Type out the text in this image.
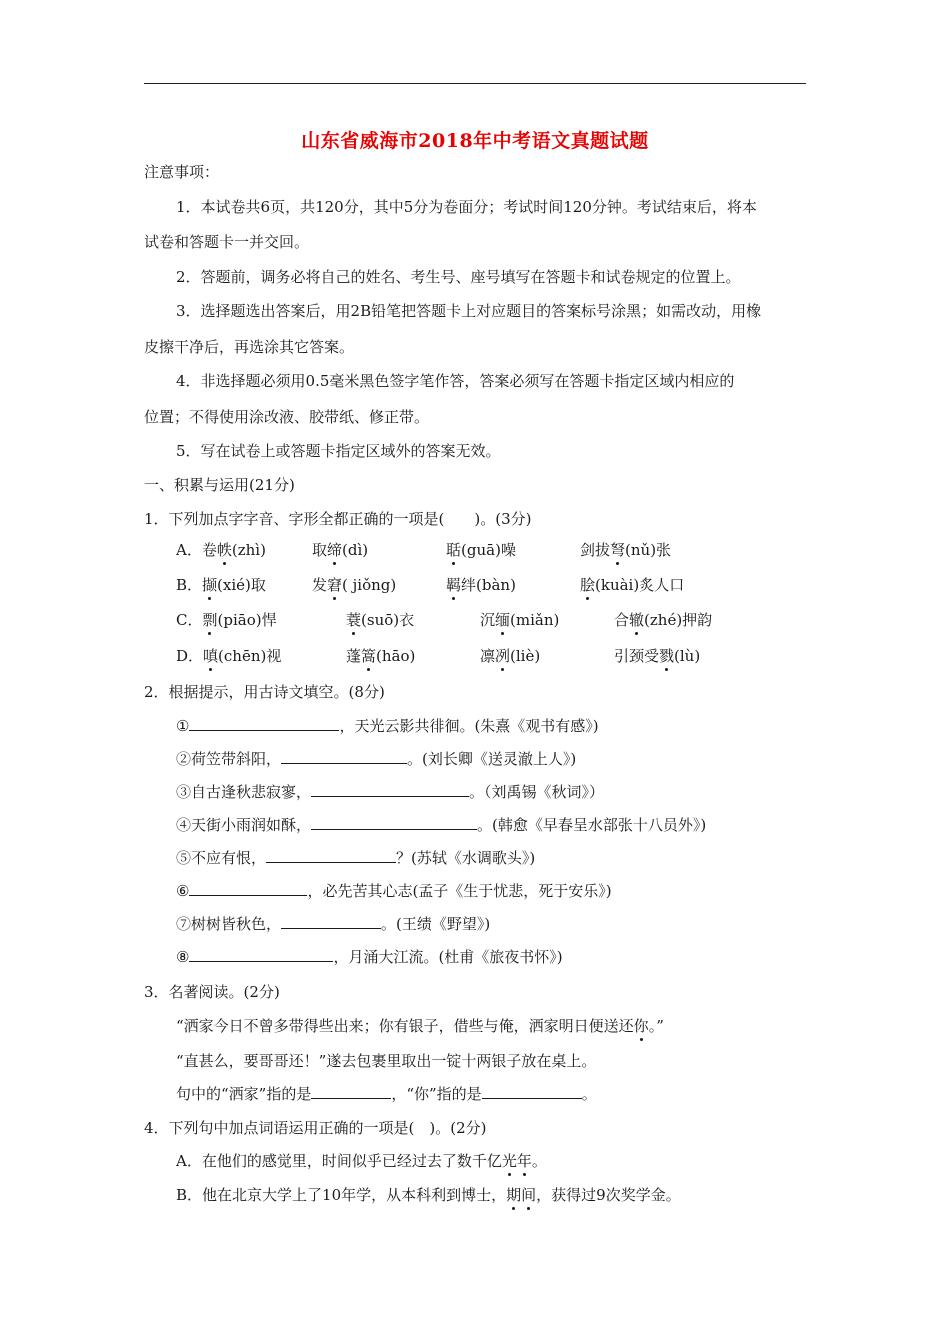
山东省威海市2018年中考语文真题试题
注意事项：
1．本试卷共6页，共120分，其中5分为卷面分；考试时间120分钟。考试结束后，将本
试卷和答题卡一并交回。
2．答题前，调务必将自己的姓名、考生号、座号填写在答题卡和试卷规定的位置上。
3．选择题选出答案后，用2B铅笔把答题卡上对应题目的答案标号涂黑；如需改动，用橡
皮擦干净后，再选涂其它答案。
4．非选择题必须用0.5毫米黑色签字笔作答，答案必须写在答题卡指定区域内相应的
位置；不得使用涂改液、胶带纸、修正带。
5．写在试卷上或答题卡指定区域外的答案无效。
一、积累与运用(21分)
1．下列加点字字音、字形全都正确的一项是(　　)。(3分)
A．卷帙(zhì)	取缔(dì)	聒(guā)噪	剑拔弩(nǔ)张
B．撷(xié)取	发窘( jiǒng)	羁绊(bàn)	脍(kuài)炙人口
C．剽(piāo)悍	蓑(suō)衣	沉缅(miǎn)	合辙(zhé)押韵
D．嗔(chēn)视	蓬篙(hāo)	凛冽(liè)	引颈受戮(lù)
2．根据提示，用古诗文填空。(8分)
①	，天光云影共徘徊。(朱熹《观书有感》)
②荷笠带斜阳，	。(刘长卿《送灵澈上人》)
③自古逢秋悲寂寥，	。（刘禹锡《秋词》）
④天街小雨润如酥，	。(韩愈《早春呈水部张十八员外》)
⑤不应有恨，	？(苏轼《水调歌头》)
⑥	，必先苦其心志(孟子《生于忧悲，死于安乐》)
⑦树树皆秋色，	。(王绩《野望》)
⑧	，月涌大江流。(杜甫《旅夜书怀》)
3．名著阅读。(2分)
“洒家今日不曾多带得些出来；你有银子，借些与俺，洒家明日便送还你。”
“直甚么，要哥哥还！”遂去包裹里取出一锭十两银子放在桌上。
句中的“洒家”指的是	，“你”指的是	。
4．下列句中加点词语运用正确的一项是(　)。(2分)
A．在他们的感觉里，时间似乎已经过去了数千亿光年。
B．他在北京大学上了10年学，从本科利到博士，期间，获得过9次奖学金。
